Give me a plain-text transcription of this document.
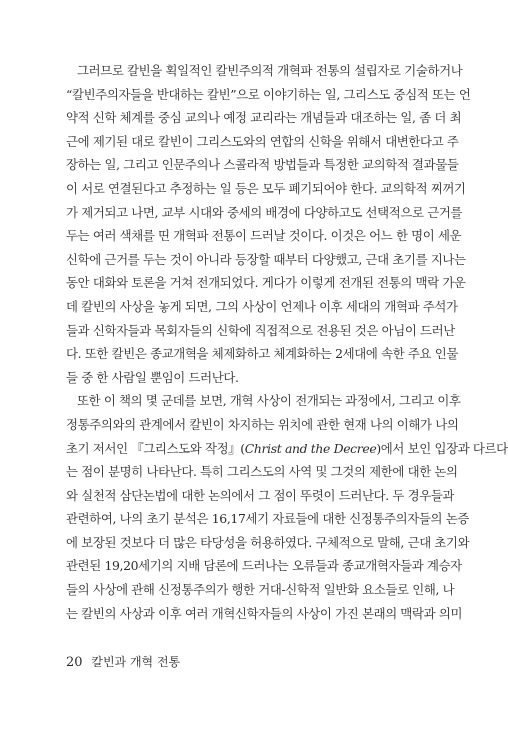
그러므로 칼빈을 획일적인 칼빈주의적 개혁파 전통의 설립자로 기술하거나
“칼빈주의자들을 반대하는 칼빈”으로 이야기하는 일, 그리스도 중심적 또는 언
약적 신학 체계를 중심 교의나 예정 교리라는 개념들과 대조하는 일, 좀 더 최
근에 제기된 대로 칼빈이 그리스도와의 연합의 신학을 위해서 대변한다고 주
장하는 일, 그리고 인문주의나 스콜라적 방법들과 특정한 교의학적 결과물들
이 서로 연결된다고 추정하는 일 등은 모두 폐기되어야 한다. 교의학적 찌꺼기
가 제거되고 나면, 교부 시대와 중세의 배경에 다양하고도 선택적으로 근거를
두는 여러 색채를 띤 개혁파 전통이 드러날 것이다. 이것은 어느 한 명이 세운
신학에 근거를 두는 것이 아니라 등장할 때부터 다양했고, 근대 초기를 지나는
동안 대화와 토론을 거쳐 전개되었다. 게다가 이렇게 전개된 전통의 맥락 가운
데 칼빈의 사상을 놓게 되면, 그의 사상이 언제나 이후 세대의 개혁파 주석가
들과 신학자들과 목회자들의 신학에 직접적으로 전용된 것은 아님이 드러난
다. 또한 칼빈은 종교개혁을 체제화하고 체계화하는 2세대에 속한 주요 인물
들 중 한 사람일 뿐임이 드러난다.
또한 이 책의 몇 군데를 보면, 개혁 사상이 전개되는 과정에서, 그리고 이후
정통주의와의 관계에서 칼빈이 차지하는 위치에 관한 현재 나의 이해가 나의
초기 저서인 『그리스도와 작정』(Christ and the Decree)에서 보인 입장과 다르다
는 점이 분명히 나타난다. 특히 그리스도의 사역 및 그것의 제한에 대한 논의
와 실천적 삼단논법에 대한 논의에서 그 점이 뚜렷이 드러난다. 두 경우들과
관련하여, 나의 초기 분석은 16,17세기 자료들에 대한 신정통주의자들의 논증
에 보장된 것보다 더 많은 타당성을 허용하였다. 구체적으로 말해, 근대 초기와
관련된 19,20세기의 지배 담론에 드러나는 오류들과 종교개혁자들과 계승자
들의 사상에 관해 신정통주의가 행한 거대-신학적 일반화 요소들로 인해, 나
는 칼빈의 사상과 이후 여러 개혁신학자들의 사상이 가진 본래의 맥락과 의미
20 칼빈과 개혁 전통
